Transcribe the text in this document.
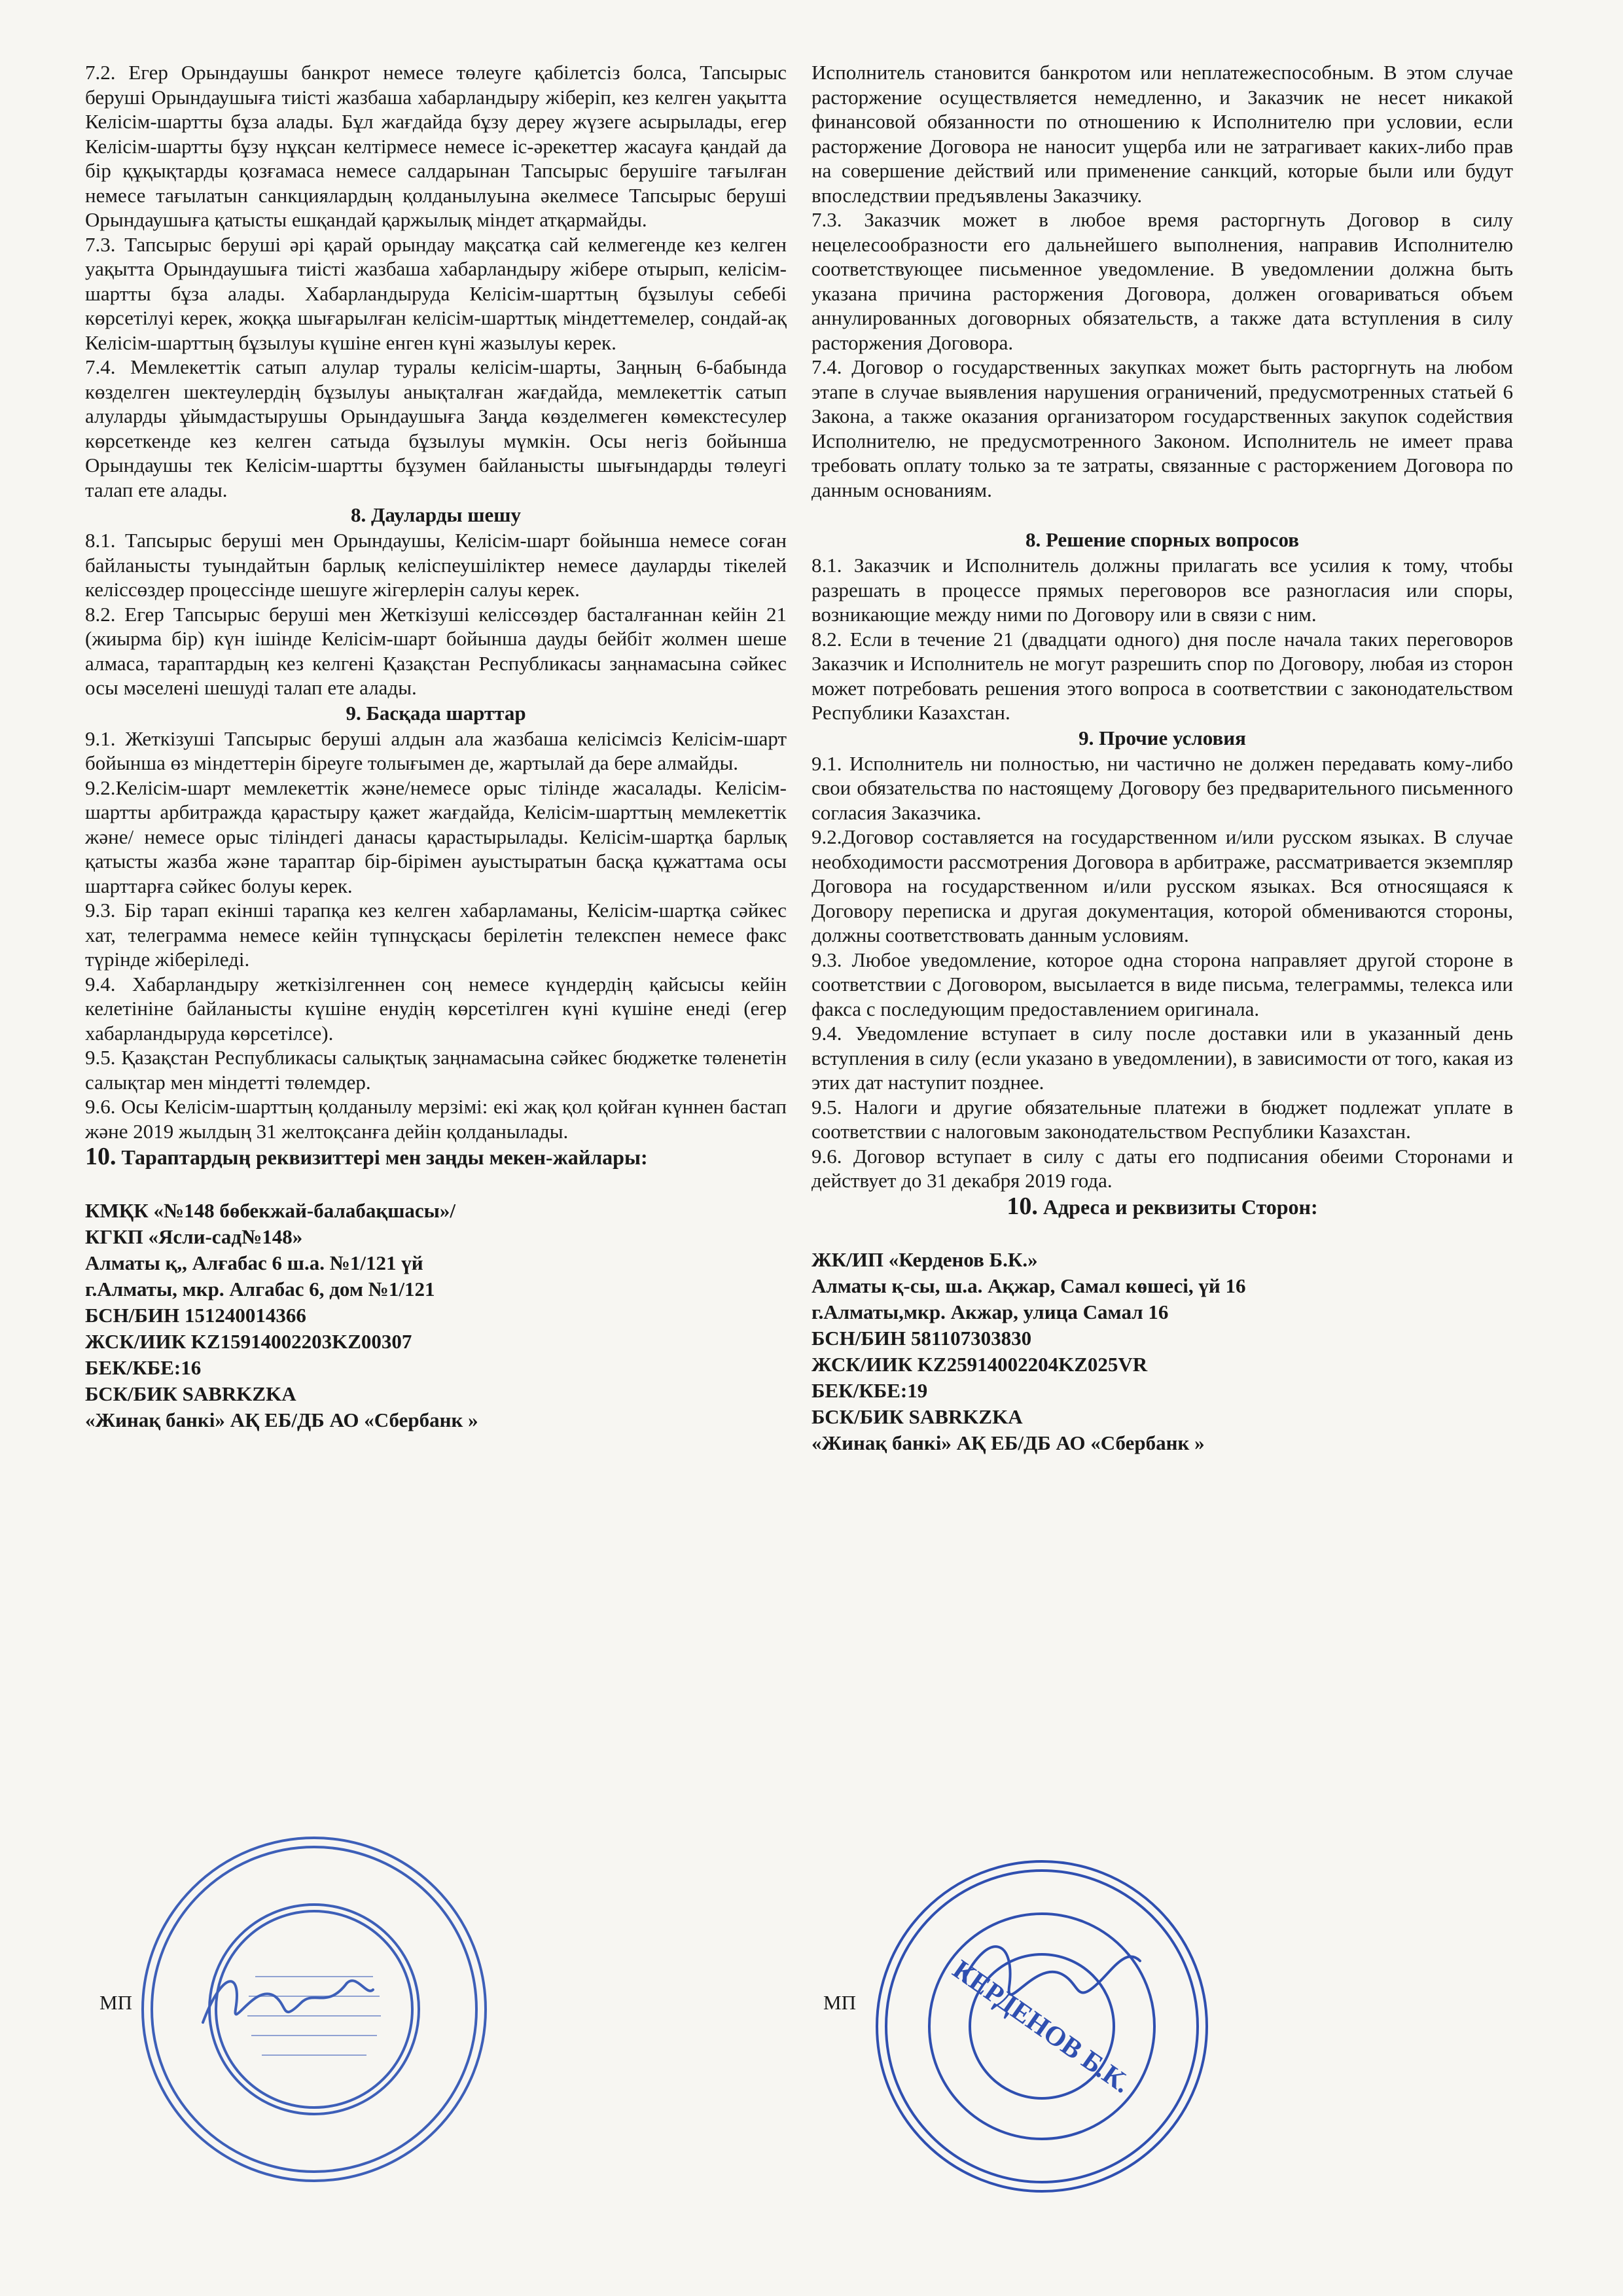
7.2. Егер Орындаушы банкрот немесе төлеуге қабілетсіз болса, Тапсырыс беруші Орындаушыға тиісті жазбаша хабарландыру жіберіп, кез келген уақытта Келісім-шартты бұза алады. Бұл жағдайда бұзу дереу жүзеге асырылады, егер Келісім-шартты бұзу нұқсан келтірмесе немесе іс-әрекеттер жасауға қандай да бір құқықтарды қозғамаса немесе салдарынан Тапсырыс берушіге тағылған немесе тағылатын санкциялардың қолданылуына әкелмесе Тапсырыс беруші Орындаушыға қатысты ешқандай қаржылық міндет атқармайды.

7.3. Тапсырыс беруші әрі қарай орындау мақсатқа сай келмегенде кез келген уақытта Орындаушыға тиісті жазбаша хабарландыру жібере отырып, келісім-шартты бұза алады. Хабарландыруда Келісім-шарттың бұзылуы себебі көрсетілуі керек, жоққа шығарылған келісім-шарттық міндеттемелер, сондай-ақ Келісім-шарттың бұзылуы күшіне енген күні жазылуы керек.

7.4. Мемлекеттік сатып алулар туралы келісім-шарты, Заңның 6-бабында көзделген шектеулердің бұзылуы анықталған жағдайда, мемлекеттік сатып алуларды ұйымдастырушы Орындаушыға Заңда көзделмеген көмекстесулер көрсеткенде кез келген сатыда бұзылуы мүмкін. Осы негіз бойынша Орындаушы тек Келісім-шартты бұзумен байланысты шығындарды төлеугі талап ете алады.

8. Дауларды шешу

8.1. Тапсырыс беруші мен Орындаушы, Келісім-шарт бойынша немесе соған байланысты туындайтын барлық келіспеушіліктер немесе дауларды тікелей келіссөздер процессінде шешуге жігерлерін салуы керек.

8.2. Егер Тапсырыс беруші мен Жеткізуші келіссөздер басталғаннан кейін 21 (жиырма бір) күн ішінде Келісім-шарт бойынша дауды бейбіт жолмен шеше алмаса, тараптардың кез келгені Қазақстан Республикасы заңнамасына сәйкес осы мәселені шешуді талап ете алады.

9. Басқада шарттар

9.1. Жеткізуші Тапсырыс беруші алдын ала жазбаша келісімсіз Келісім-шарт бойынша өз міндеттерін біреуге толығымен де, жартылай да бере алмайды.

9.2.Келісім-шарт мемлекеттік және/немесе орыс тілінде жасалады. Келісім-шартты арбитражда қарастыру қажет жағдайда, Келісім-шарттың мемлекеттік және/ немесе орыс тіліндегі данасы қарастырылады. Келісім-шартқа барлық қатысты жазба және тараптар бір-бірімен ауыстыратын басқа құжаттама осы шарттарға сәйкес болуы керек.

9.3. Бір тарап екінші тарапқа кез келген хабарламаны, Келісім-шартқа сәйкес хат, телеграмма немесе кейін түпнұсқасы берілетін телекспен немесе факс түрінде жіберіледі.

9.4. Хабарландыру жеткізілгеннен соң немесе күндердің қайсысы кейін келетініне байланысты күшіне енудің көрсетілген күні күшіне енеді (егер хабарландыруда көрсетілсе).

9.5. Қазақстан Республикасы салықтық заңнамасына сәйкес бюджетке төленетін салықтар мен міндетті төлемдер.

9.6. Осы Келісім-шарттың қолданылу мерзімі: екі жақ қол қойған күннен бастап және 2019 жылдың 31 желтоқсанға дейін қолданылады.

10. Тараптардың реквизиттері мен заңды мекен-жайлары:
КМҚК «№148 бөбекжай-балабақшасы»/
КГКП «Ясли-сад№148»
Алматы қ,, Алғабас 6 ш.а. №1/121 үй
г.Алматы, мкр. Алгабас 6, дом №1/121
БСН/БИН 151240014366
ЖСК/ИИК KZ15914002203KZ00307
БЕК/КБЕ:16
БСК/БИК SABRKZKA
«Жинақ банкі» АҚ ЕБ/ДБ АО «Сбербанк »

Исполнитель становится банкротом или неплатежеспособным. В этом случае расторжение осуществляется немедленно, и Заказчик не несет никакой финансовой обязанности по отношению к Исполнителю при условии, если расторжение Договора не наносит ущерба или не затрагивает каких-либо прав на совершение действий или применение санкций, которые были или будут впоследствии предъявлены Заказчику.

7.3. Заказчик может в любое время расторгнуть Договор в силу нецелесообразности его дальнейшего выполнения, направив Исполнителю соответствующее письменное уведомление. В уведомлении должна быть указана причина расторжения Договора, должен оговариваться объем аннулированных договорных обязательств, а также дата вступления в силу расторжения Договора.

7.4. Договор о государственных закупках может быть расторгнуть на любом этапе в случае выявления нарушения ограничений, предусмотренных статьей 6 Закона, а также оказания организатором государственных закупок содействия Исполнителю, не предусмотренного Законом. Исполнитель не имеет права требовать оплату только за те затраты, связанные с расторжением Договора по данным основаниям.

8. Решение спорных вопросов

8.1. Заказчик и Исполнитель должны прилагать все усилия к тому, чтобы разрешать в процессе прямых переговоров все разногласия или споры, возникающие между ними по Договору или в связи с ним.

8.2. Если в течение 21 (двадцати одного) дня после начала таких переговоров Заказчик и Исполнитель не могут разрешить спор по Договору, любая из сторон может потребовать решения этого вопроса в соответствии с законодательством Республики Казахстан.

9. Прочие условия

9.1. Исполнитель ни полностью, ни частично не должен передавать кому-либо свои обязательства по настоящему Договору без предварительного письменного согласия Заказчика.

9.2.Договор составляется на государственном и/или русском языках. В случае необходимости рассмотрения Договора в арбитраже, рассматривается экземпляр Договора на государственном и/или русском языках. Вся относящаяся к Договору переписка и другая документация, которой обмениваются стороны, должны соответствовать данным условиям.

9.3. Любое уведомление, которое одна сторона направляет другой стороне в соответствии с Договором, высылается в виде письма, телеграммы, телекса или факса с последующим предоставлением оригинала.

9.4. Уведомление вступает в силу после доставки или в указанный день вступления в силу (если указано в уведомлении), в зависимости от того, какая из этих дат наступит позднее.

9.5. Налоги и другие обязательные платежи в бюджет подлежат уплате в соответствии с налоговым законодательством Республики Казахстан.

9.6. Договор вступает в силу с даты его подписания обеими Сторонами и действует до 31 декабря 2019 года.

10. Адреса и реквизиты Сторон:
ЖК/ИП «Керденов Б.К.»
Алматы қ-сы, ш.а. Ақжар, Самал көшесі, үй 16
г.Алматы,мкр. Акжар, улица Самал 16
БСН/БИН 581107303830
ЖСК/ИИК KZ25914002204KZ025VR
БЕК/КБЕ:19
БСК/БИК SABRKZKA
«Жинақ банкі» АҚ ЕБ/ДБ АО «Сбербанк »
МП	МП	КЕРДЕНОВ Б.К.
